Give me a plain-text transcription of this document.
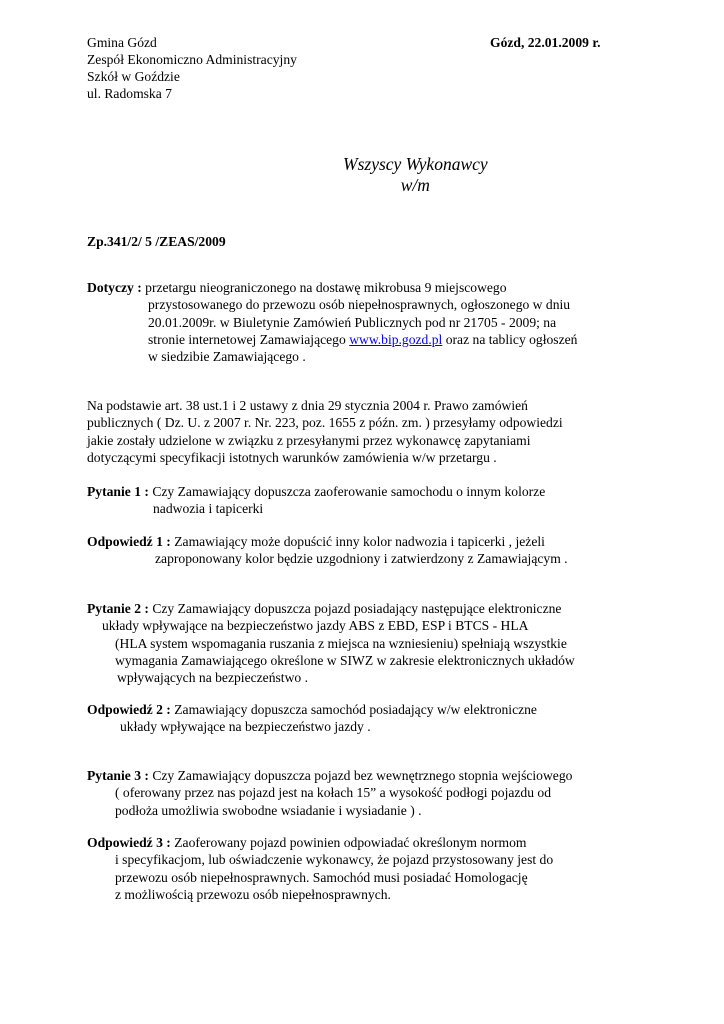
Gmina Gózd
Zespół Ekonomiczno Administracyjny
Szkół w Goździe
ul. Radomska 7
Gózd, 22.01.2009 r.
Wszyscy Wykonawcy
w/m
Zp.341/2/ 5 /ZEAS/2009
Dotyczy : przetargu nieograniczonego na dostawę mikrobusa 9 miejscowego
przystosowanego do przewozu osób niepełnosprawnych, ogłoszonego w dniu
20.01.2009r. w Biuletynie Zamówień Publicznych pod nr 21705 - 2009; na
stronie internetowej Zamawiającego www.bip.gozd.pl oraz na tablicy ogłoszeń
w siedzibie Zamawiającego .
Na podstawie art. 38 ust.1 i 2 ustawy z dnia 29 stycznia 2004 r. Prawo zamówień
publicznych ( Dz. U. z 2007 r. Nr. 223, poz. 1655 z późn. zm. ) przesyłamy odpowiedzi
jakie zostały udzielone w związku z przesyłanymi przez wykonawcę zapytaniami
dotyczącymi specyfikacji istotnych warunków zamówienia w/w przetargu .
Pytanie 1 : Czy Zamawiający dopuszcza zaoferowanie samochodu o innym kolorze
nadwozia i tapicerki
Odpowiedź 1 : Zamawiający może dopuścić inny kolor nadwozia i tapicerki , jeżeli
zaproponowany kolor będzie uzgodniony i zatwierdzony z Zamawiającym .
Pytanie 2 : Czy Zamawiający dopuszcza pojazd posiadający następujące elektroniczne
układy wpływające na bezpieczeństwo jazdy ABS z EBD, ESP i BTCS - HLA
(HLA system wspomagania ruszania z miejsca na wzniesieniu) spełniają wszystkie
wymagania Zamawiającego określone w SIWZ w zakresie elektronicznych układów
wpływających na bezpieczeństwo .
Odpowiedź 2 : Zamawiający dopuszcza samochód posiadający w/w elektroniczne
układy wpływające na bezpieczeństwo jazdy .
Pytanie 3 : Czy Zamawiający dopuszcza pojazd bez wewnętrznego stopnia wejściowego
( oferowany przez nas pojazd jest na kołach 15” a wysokość podłogi pojazdu od
podłoża umożliwia swobodne wsiadanie i wysiadanie ) .
Odpowiedź 3 : Zaoferowany pojazd powinien odpowiadać określonym normom
i specyfikacjom, lub oświadczenie wykonawcy, że pojazd przystosowany jest do
przewozu osób niepełnosprawnych. Samochód musi posiadać Homologację
z możliwością przewozu osób niepełnosprawnych.
